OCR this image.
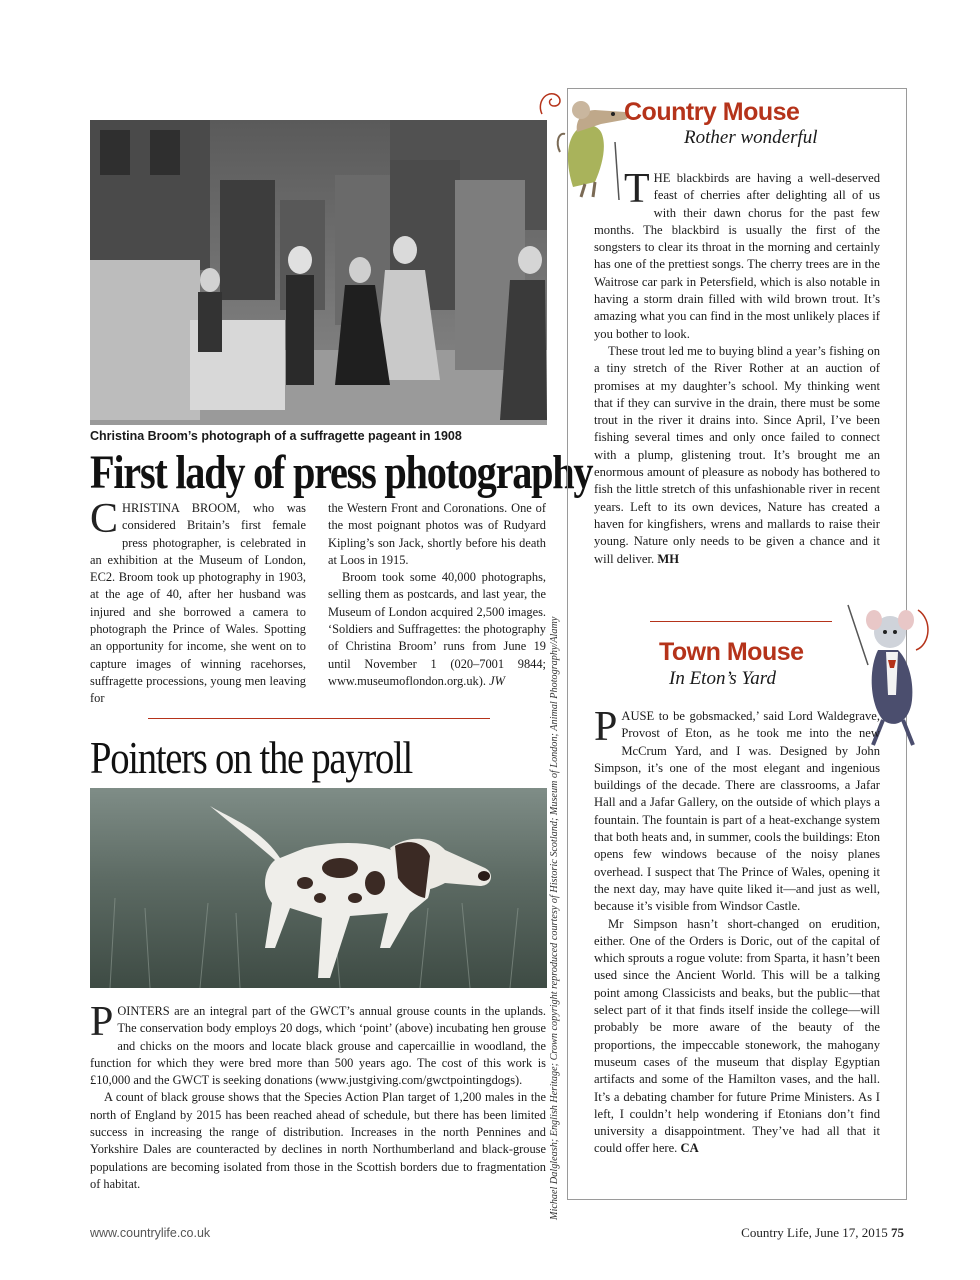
Christina Broom’s photograph of a suffragette pageant in 1908
First lady of press photography

CHRISTINA BROOM, who was considered Britain’s first female press photographer, is celebrated in an exhibition at the Museum of London, EC2. Broom took up photography in 1903, at the age of 40, after her husband was injured and she borrowed a camera to photograph the Prince of Wales. Spotting an opportunity for income, she went on to capture images of winning racehorses, suffragette processions, young men leaving for

the Western Front and Coronations. One of the most poignant photos was of Rudyard Kipling’s son Jack, shortly before his death at Loos in 1915.

Broom took some 40,000 photographs, selling them as postcards, and last year, the Museum of London acquired 2,500 images. ‘Soldiers and Suffragettes: the photography of Christina Broom’ runs from June 19 until November 1 (020–7001 9844; www.museumoflondon.org.uk). JW

Pointers on the payroll

POINTERS are an integral part of the GWCT’s annual grouse counts in the uplands. The conservation body employs 20 dogs, which ‘point’ (above) incubating hen grouse and chicks on the moors and locate black grouse and capercaillie in woodland, the function for which they were bred more than 500 years ago. The cost of this work is £10,000 and the GWCT is seeking donations (www.justgiving.com/gwctpointingdogs).

A count of black grouse shows that the Species Action Plan target of 1,200 males in the north of England by 2015 has been reached ahead of schedule, but there has been limited success in increasing the range of distribution. Increases in the north Pennines and Yorkshire Dales are counteracted by declines in north Northumberland and black-grouse populations are becoming isolated from those in the Scottish borders due to fragmentation of habitat.	Michael Dalgleash; English Heritage; Crown copyright reproduced courtesy of Historic Scotland; Museum of London; Animal Photography/Alamy
Country Mouse
Rother wonderful

THE blackbirds are having a well-deserved feast of cherries after delighting all of us with their dawn chorus for the past few months. The blackbird is usually the first of the songsters to clear its throat in the morning and certainly has one of the prettiest songs. The cherry trees are in the Waitrose car park in Petersfield, which is also notable in having a storm drain filled with wild brown trout. It’s amazing what you can find in the most unlikely places if you bother to look.

These trout led me to buying blind a year’s fishing on a tiny stretch of the River Rother at an auction of promises at my daughter’s school. My thinking went that if they can survive in the drain, there must be some trout in the river it drains into. Since April, I’ve been fishing several times and only once failed to connect with a plump, glistening trout. It’s brought me an enormous amount of pleasure as nobody has bothered to fish the little stretch of this unfashionable river in recent years. Left to its own devices, Nature has created a haven for kingfishers, wrens and mallards to raise their young. Nature only needs to be given a chance and it will deliver. MH

Town Mouse
In Eton’s Yard

PAUSE to be gobsmacked,’ said Lord Waldegrave, Provost of Eton, as he took me into the new McCrum Yard, and I was. Designed by John Simpson, it’s one of the most elegant and ingenious buildings of the decade. There are classrooms, a Jafar Hall and a Jafar Gallery, on the outside of which plays a fountain. The fountain is part of a heat-exchange system that both heats and, in summer, cools the buildings: Eton opens few windows because of the noisy planes overhead. I suspect that The Prince of Wales, opening it the next day, may have quite liked it—and just as well, because it’s visible from Windsor Castle.

Mr Simpson hasn’t short-changed on erudition, either. One of the Orders is Doric, out of the capital of which sprouts a rogue volute: from Sparta, it hasn’t been used since the Ancient World. This will be a talking point among Classicists and beaks, but the public—that select part of it that finds itself inside the college—will probably be more aware of the beauty of the proportions, the impeccable stonework, the mahogany museum cases of the museum that display Egyptian artifacts and some of the Hamilton vases, and the hall. It’s a debating chamber for future Prime Ministers. As I left, I couldn’t help wondering if Etonians don’t find university a disappointment. They’ve had all that it could offer here. CA

www.countrylife.co.uk	Country Life, June 17, 2015 75
